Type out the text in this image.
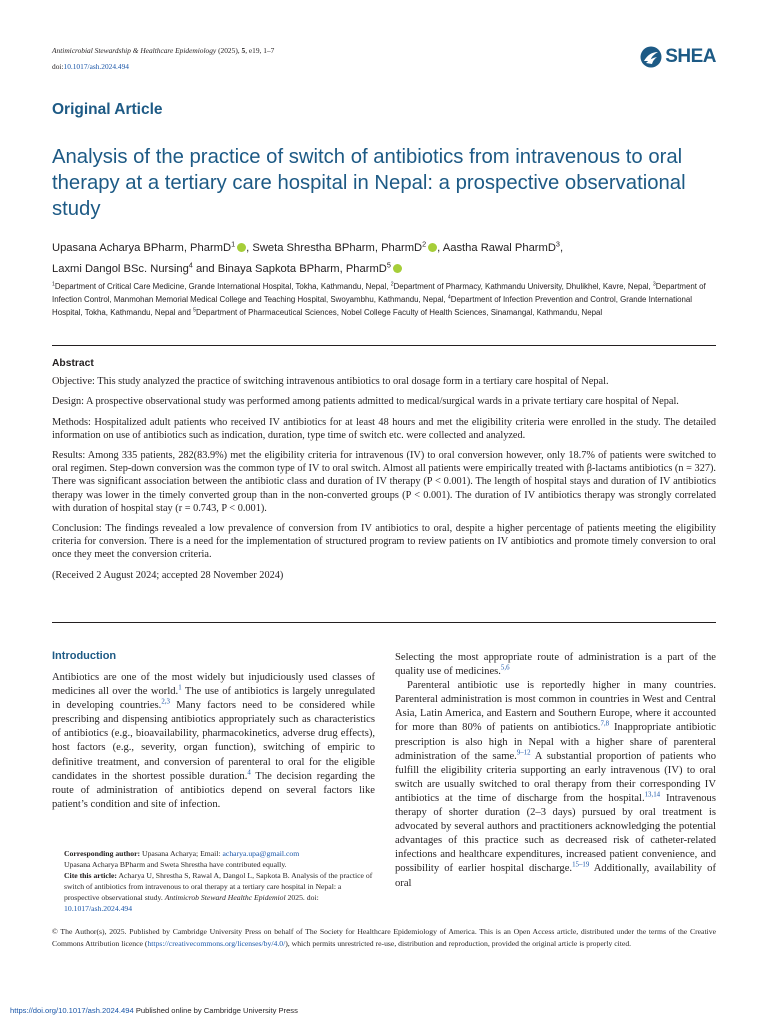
Antimicrobial Stewardship & Healthcare Epidemiology (2025), 5, e19, 1–7
doi:10.1017/ash.2024.494	SHEA
Original Article
Analysis of the practice of switch of antibiotics from intravenous to oral therapy at a tertiary care hospital in Nepal: a prospective observational study
Upasana Acharya BPharm, PharmD$^1$ , Sweta Shrestha BPharm, PharmD$^2$ , Aastha Rawal PharmD$^3$,
Laxmi Dangol BSc. Nursing$^4$ and Binaya Sapkota BPharm, PharmD$^5$
$^1$Department of Critical Care Medicine, Grande International Hospital, Tokha, Kathmandu, Nepal, $^2$Department of Pharmacy, Kathmandu University, Dhulikhel, Kavre, Nepal, $^3$Department of Infection Control, Manmohan Memorial Medical College and Teaching Hospital, Swoyambhu, Kathmandu, Nepal, $^4$Department of Infection Prevention and Control, Grande International Hospital, Tokha, Kathmandu, Nepal and $^5$Department of Pharmaceutical Sciences, Nobel College Faculty of Health Sciences, Sinamangal, Kathmandu, Nepal
Abstract

Objective: This study analyzed the practice of switching intravenous antibiotics to oral dosage form in a tertiary care hospital of Nepal.

Design: A prospective observational study was performed among patients admitted to medical/surgical wards in a private tertiary care hospital of Nepal.

Methods: Hospitalized adult patients who received IV antibiotics for at least 48 hours and met the eligibility criteria were enrolled in the study. The detailed information on use of antibiotics such as indication, duration, type time of switch etc. were collected and analyzed.

Results: Among 335 patients, 282(83.9%) met the eligibility criteria for intravenous (IV) to oral conversion however, only 18.7% of patients were switched to oral regimen. Step-down conversion was the common type of IV to oral switch. Almost all patients were empirically treated with β-lactams antibiotics (n = 327). There was significant association between the antibiotic class and duration of IV therapy (P < 0.001). The length of hospital stays and duration of IV antibiotics therapy was lower in the timely converted group than in the non-converted groups (P < 0.001). The duration of IV antibiotics therapy was strongly correlated with duration of hospital stay (r = 0.743, P < 0.001).

Conclusion: The findings revealed a low prevalence of conversion from IV antibiotics to oral, despite a higher percentage of patients meeting the eligibility criteria for conversion. There is a need for the implementation of structured program to review patients on IV antibiotics and promote timely conversion to oral once they meet the conversion criteria.

(Received 2 August 2024; accepted 28 November 2024)

Introduction

Antibiotics are one of the most widely but injudiciously used classes of medicines all over the world.$^1$ The use of antibiotics is largely unregulated in developing countries.$^{2,3}$ Many factors need to be considered while prescribing and dispensing antibiotics appropriately such as characteristics of antibiotics (e.g., bioavailability, pharmacokinetics, adverse drug effects), host factors (e.g., severity, organ function), switching of empiric to definitive treatment, and conversion of parenteral to oral for the eligible candidates in the shortest possible duration.$^4$ The decision regarding the route of administration of antibiotics depend on several factors like patient’s condition and site of infection.

Selecting the most appropriate route of administration is a part of the quality use of medicines.$^{5,6}$

Parenteral antibiotic use is reportedly higher in many countries. Parenteral administration is most common in countries in West and Central Asia, Latin America, and Eastern and Southern Europe, where it accounted for more than 80% of patients on antibiotics.$^{7,8}$ Inappropriate antibiotic prescription is also high in Nepal with a higher share of parenteral administration of the same.$^{9-12}$ A substantial proportion of patients who fulfill the eligibility criteria supporting an early intravenous (IV) to oral switch are usually switched to oral therapy from their corresponding IV antibiotics at the time of discharge from the hospital.$^{13,14}$ Intravenous therapy of shorter duration (2–3 days) pursued by oral treatment is advocated by several authors and practitioners acknowledging the potential advantages of this practice such as decreased risk of catheter-related infections and healthcare expenditures, increased patient convenience, and possibility of earlier hospital discharge.$^{15-19}$ Additionally, availability of oral

Corresponding author: Upasana Acharya; Email: acharya.upa@gmail.com
Upasana Acharya BPharm and Sweta Shrestha have contributed equally.
Cite this article: Acharya U, Shrestha S, Rawal A, Dangol L, Sapkota B. Analysis of the practice of switch of antibiotics from intravenous to oral therapy at a tertiary care hospital in Nepal: a prospective observational study. Antimicrob Steward Healthc Epidemiol 2025. doi: 10.1017/ash.2024.494
© The Author(s), 2025. Published by Cambridge University Press on behalf of The Society for Healthcare Epidemiology of America. This is an Open Access article, distributed under the terms of the Creative Commons Attribution licence (https://creativecommons.org/licenses/by/4.0/), which permits unrestricted re-use, distribution and reproduction, provided the original article is properly cited.
https://doi.org/10.1017/ash.2024.494 Published online by Cambridge University Press
